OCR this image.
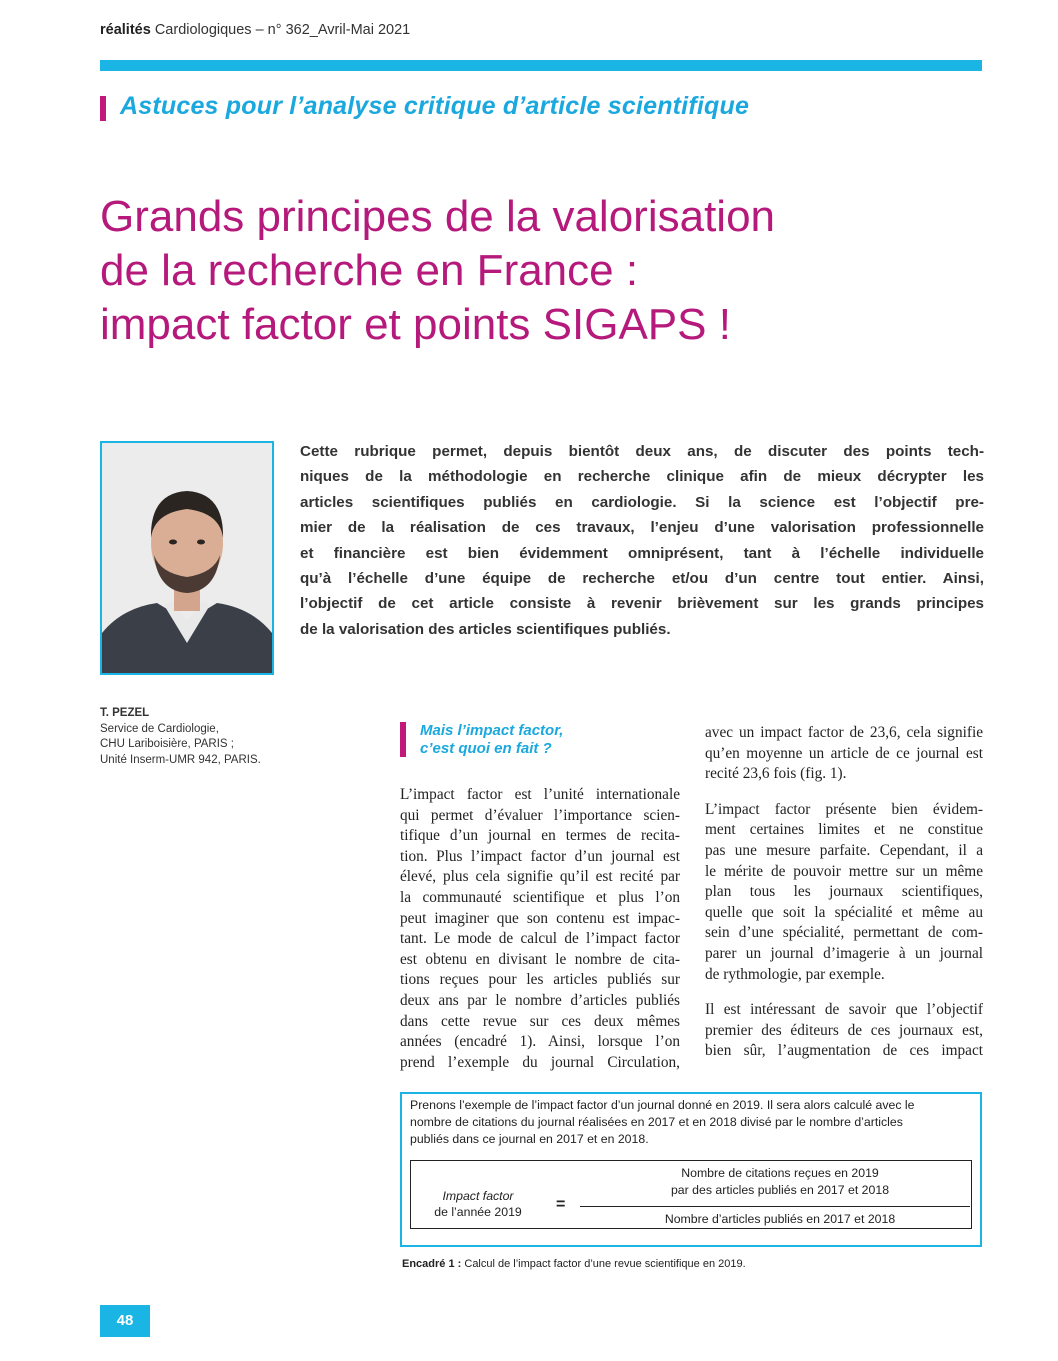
réalités Cardiologiques – n° 362_Avril-Mai 2021
Astuces pour l’analyse critique d’article scientifique
Grands principes de la valorisation
de la recherche en France :
impact factor et points SIGAPS !
Cette rubrique permet, depuis bientôt deux ans, de discuter des points tech-
niques de la méthodologie en recherche clinique afin de mieux décrypter les
articles scientifiques publiés en cardiologie. Si la science est l’objectif pre-
mier de la réalisation de ces travaux, l’enjeu d’une valorisation professionnelle
et financière est bien évidemment omniprésent, tant à l’échelle individuelle
qu’à l’échelle d’une équipe de recherche et/ou d’un centre tout entier. Ainsi,
l’objectif de cet article consiste à revenir brièvement sur les grands principes
de la valorisation des articles scientifiques publiés.
T. PEZEL
Service de Cardiologie,
CHU Lariboisière, PARIS ;
Unité Inserm-UMR 942, PARIS.
Mais l’impact factor,
c’est quoi en fait ?
L’impact factor est l’unité internationale
qui permet d’évaluer l’importance scien-
tifique d’un journal en termes de recita-
tion. Plus l’impact factor d’un journal est
élevé, plus cela signifie qu’il est recité par
la communauté scientifique et plus l’on
peut imaginer que son contenu est impac-
tant. Le mode de calcul de l’impact factor
est obtenu en divisant le nombre de cita-
tions reçues pour les articles publiés sur
deux ans par le nombre d’articles publiés
dans cette revue sur ces deux mêmes
années (encadré 1). Ainsi, lorsque l’on
prend l’exemple du journal Circulation,
avec un impact factor de 23,6, cela signifie
qu’en moyenne un article de ce journal est
recité 23,6 fois (fig. 1).
L’impact factor présente bien évidem-
ment certaines limites et ne constitue
pas une mesure parfaite. Cependant, il a
le mérite de pouvoir mettre sur un même
plan tous les journaux scientifiques,
quelle que soit la spécialité et même au
sein d’une spécialité, permettant de com-
parer un journal d’imagerie à un journal
de rythmologie, par exemple.
Il est intéressant de savoir que l’objectif
premier des éditeurs de ces journaux est,
bien sûr, l’augmentation de ces impact
Prenons l’exemple de l’impact factor d’un journal donné en 2019. Il sera alors calculé avec le
nombre de citations du journal réalisées en 2017 et en 2018 divisé par le nombre d’articles
publiés dans ce journal en 2017 et en 2018.
Impact factor
de l’année 2019	=
Nombre de citations reçues en 2019
par des articles publiés en 2017 et 2018
Nombre d’articles publiés en 2017 et 2018
Encadré 1 : Calcul de l’impact factor d’une revue scientifique en 2019.
48
